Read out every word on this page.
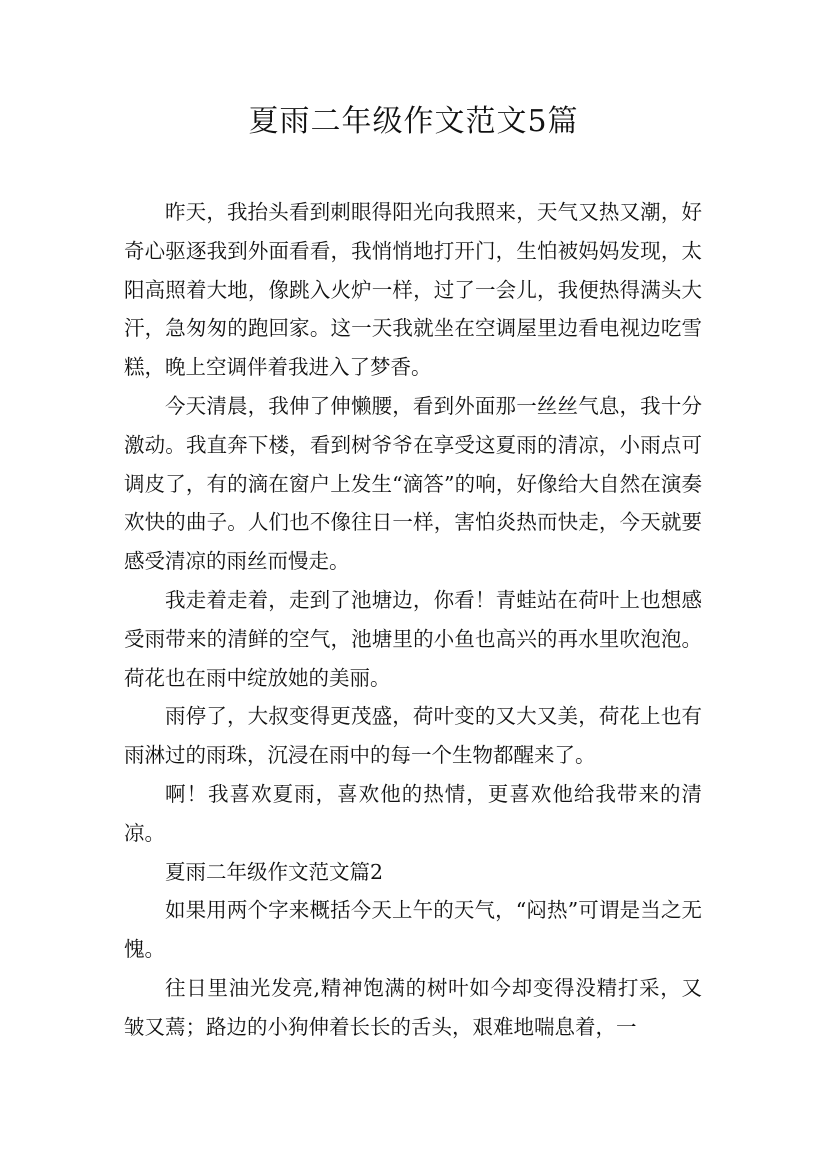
夏雨二年级作文范文5篇

昨天，我抬头看到刺眼得阳光向我照来，天气又热又潮，好奇心驱逐我到外面看看，我悄悄地打开门，生怕被妈妈发现，太阳高照着大地，像跳入火炉一样，过了一会儿，我便热得满头大汗，急匆匆的跑回家。这一天我就坐在空调屋里边看电视边吃雪糕，晚上空调伴着我进入了梦香。

今天清晨，我伸了伸懒腰，看到外面那一丝丝气息，我十分激动。我直奔下楼，看到树爷爷在享受这夏雨的清凉，小雨点可调皮了，有的滴在窗户上发生“滴答”的响，好像给大自然在演奏欢快的曲子。人们也不像往日一样，害怕炎热而快走，今天就要感受清凉的雨丝而慢走。

我走着走着，走到了池塘边，你看！青蛙站在荷叶上也想感受雨带来的清鲜的空气，池塘里的小鱼也高兴的再水里吹泡泡。荷花也在雨中绽放她的美丽。

雨停了，大叔变得更茂盛，荷叶变的又大又美，荷花上也有雨淋过的雨珠，沉浸在雨中的每一个生物都醒来了。

啊！我喜欢夏雨，喜欢他的热情，更喜欢他给我带来的清凉。

夏雨二年级作文范文篇2

如果用两个字来概括今天上午的天气，“闷热”可谓是当之无愧。

往日里油光发亮,精神饱满的树叶如今却变得没精打采，又皱又蔫；路边的小狗伸着长长的舌头，艰难地喘息着，一
